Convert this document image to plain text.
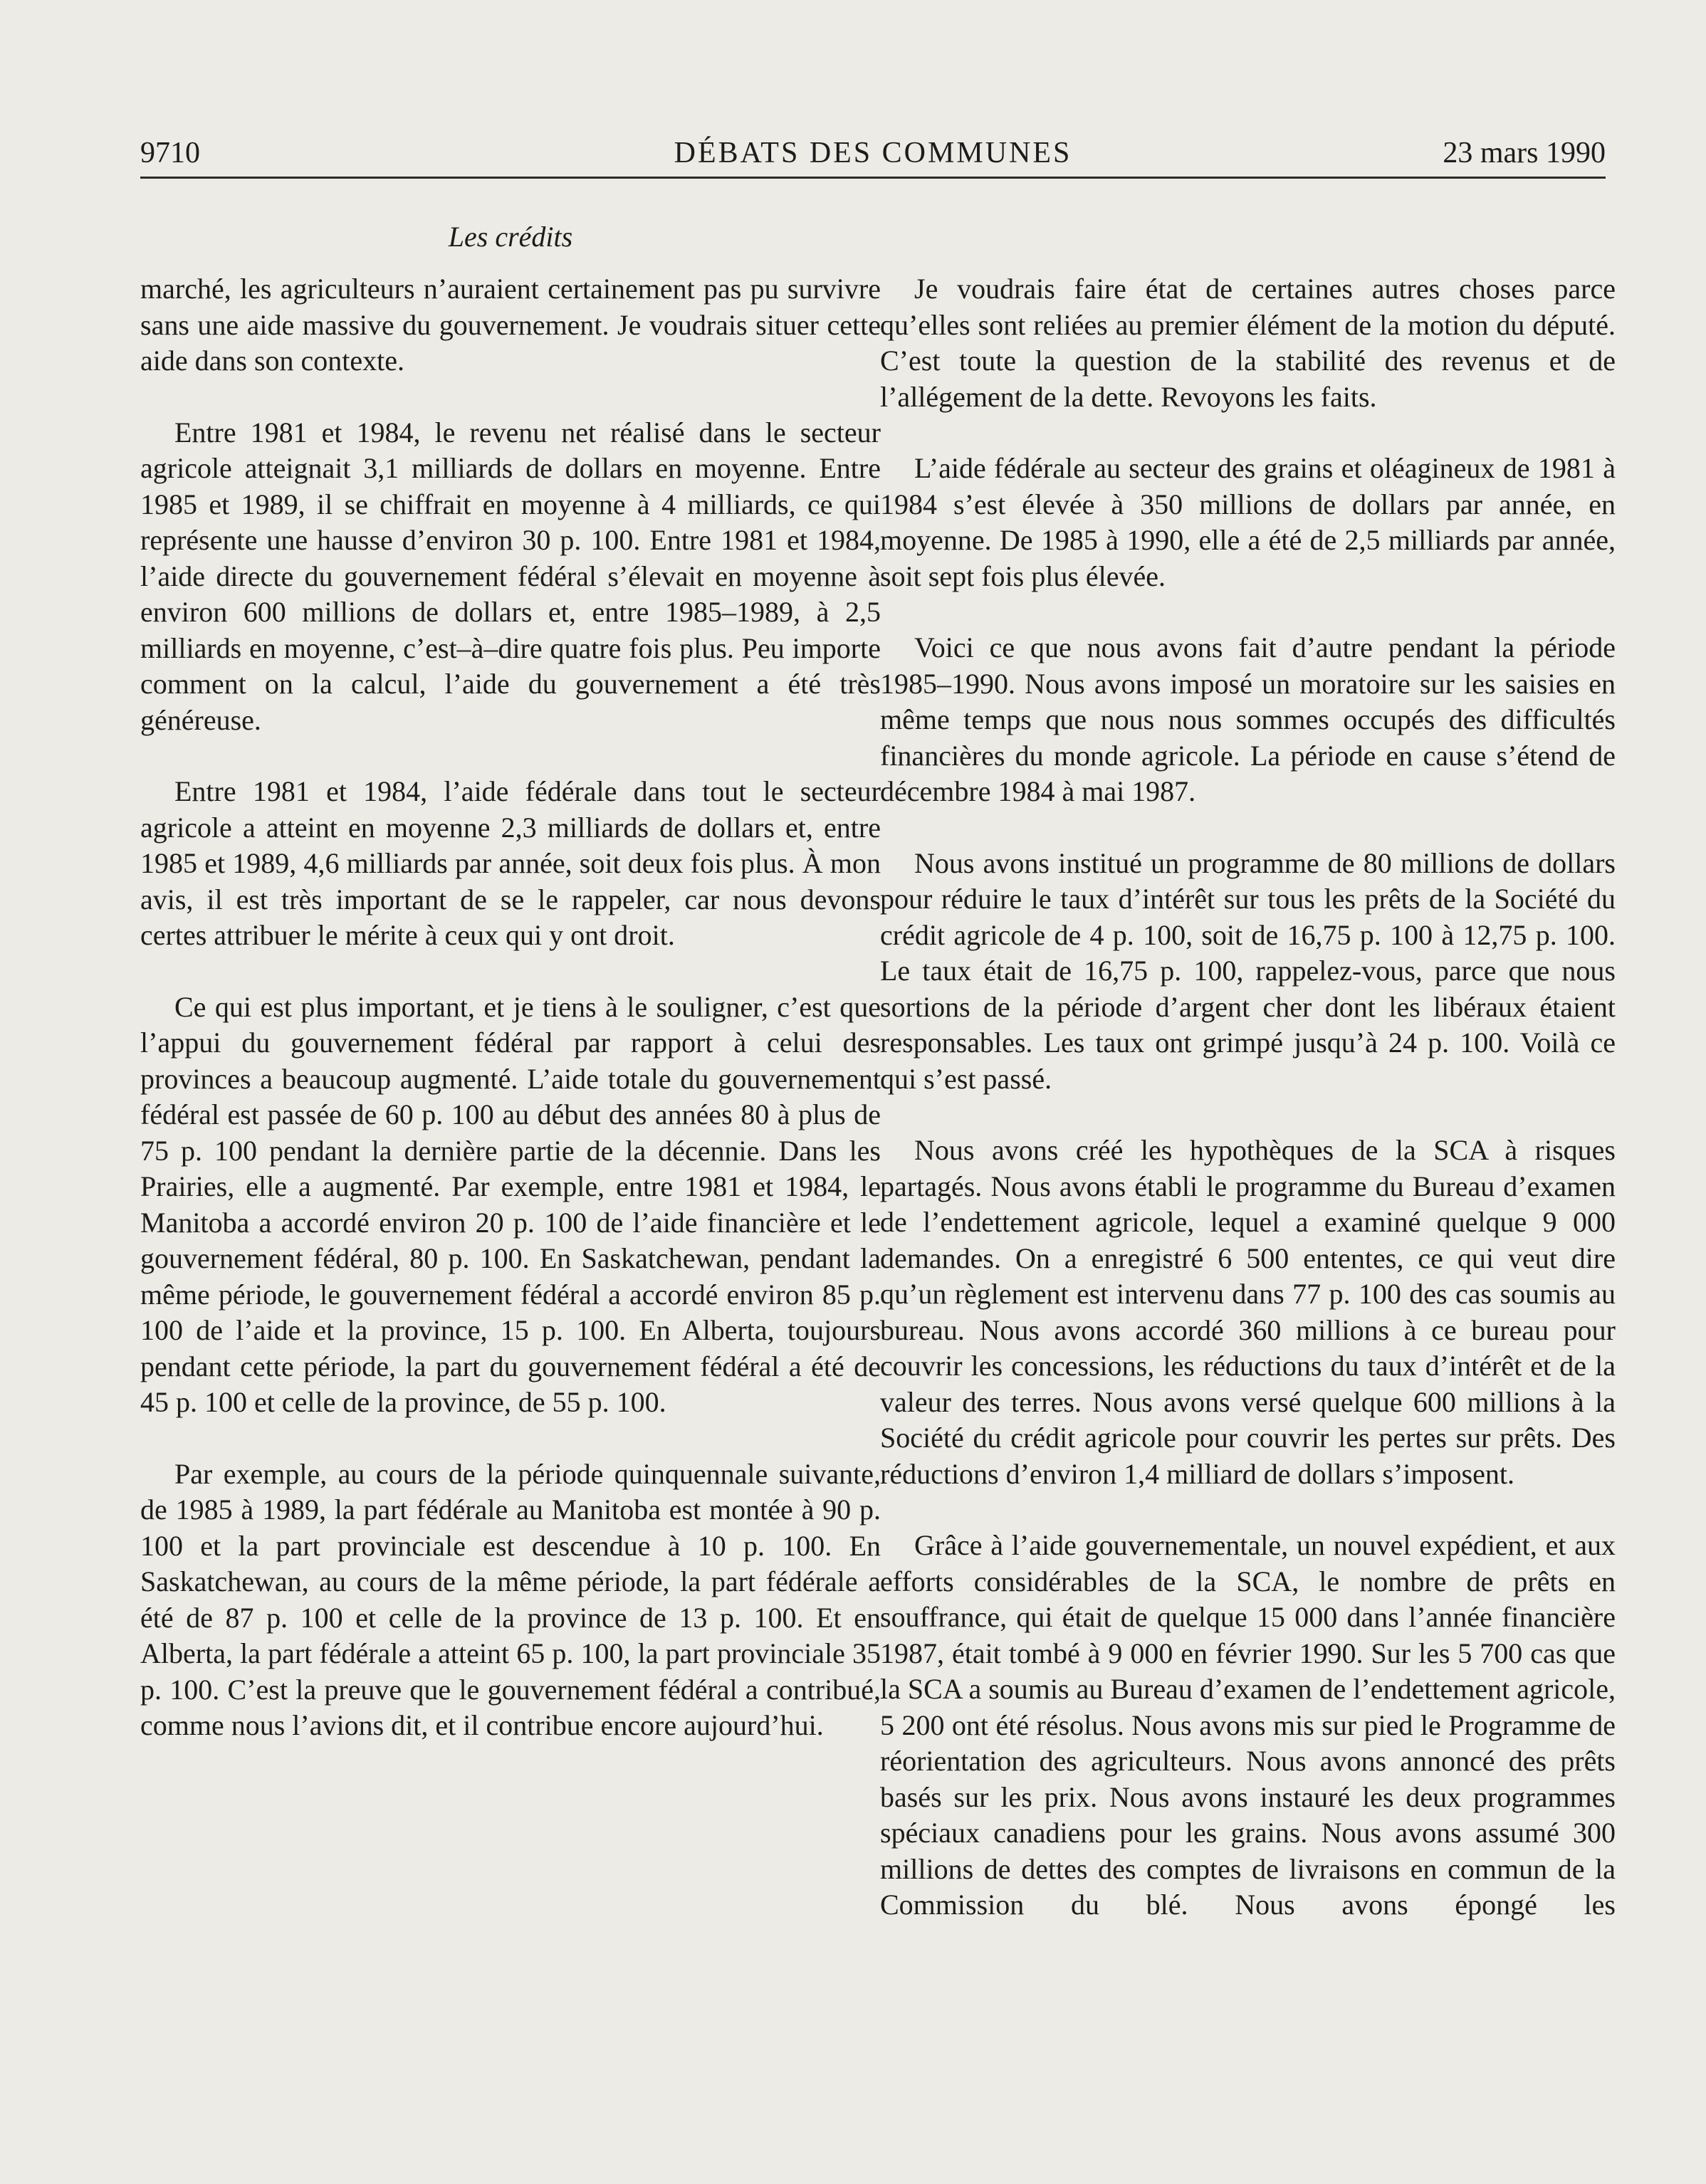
9710	DÉBATS DES COMMUNES	23 mars 1990
Les crédits

marché, les agriculteurs n’auraient certainement pas pu survivre sans une aide massive du gouvernement. Je voudrais situer cette aide dans son contexte.

Entre 1981 et 1984, le revenu net réalisé dans le secteur agricole atteignait 3,1 milliards de dollars en moyenne. Entre 1985 et 1989, il se chiffrait en moyenne à 4 milliards, ce qui représente une hausse d’environ 30 p. 100. Entre 1981 et 1984, l’aide directe du gouvernement fédéral s’élevait en moyenne à environ 600 millions de dollars et, entre 1985–1989, à 2,5 milliards en moyenne, c’est–à–dire quatre fois plus. Peu importe comment on la calcul, l’aide du gouvernement a été très généreuse.

Entre 1981 et 1984, l’aide fédérale dans tout le secteur agricole a atteint en moyenne 2,3 milliards de dollars et, entre 1985 et 1989, 4,6 milliards par année, soit deux fois plus. À mon avis, il est très important de se le rappeler, car nous devons certes attribuer le mérite à ceux qui y ont droit.

Ce qui est plus important, et je tiens à le souligner, c’est que l’appui du gouvernement fédéral par rapport à celui des provinces a beaucoup augmenté. L’aide totale du gouvernement fédéral est passée de 60 p. 100 au début des années 80 à plus de 75 p. 100 pendant la dernière partie de la décennie. Dans les Prairies, elle a augmenté. Par exemple, entre 1981 et 1984, le Manitoba a accordé environ 20 p. 100 de l’aide financière et le gouvernement fédéral, 80 p. 100. En Saskatchewan, pendant la même période, le gouvernement fédéral a accordé environ 85 p. 100 de l’aide et la province, 15 p. 100. En Alberta, toujours pendant cette période, la part du gouvernement fédéral a été de 45 p. 100 et celle de la province, de 55 p. 100.

Par exemple, au cours de la période quinquennale suivante, de 1985 à 1989, la part fédérale au Manitoba est montée à 90 p. 100 et la part provinciale est descendue à 10 p. 100. En Saskatchewan, au cours de la même période, la part fédérale a été de 87 p. 100 et celle de la province de 13 p. 100. Et en Alberta, la part fédérale a atteint 65 p. 100, la part provinciale 35 p. 100. C’est la preuve que le gouvernement fédéral a contribué, comme nous l’avions dit, et il contribue encore aujourd’hui.

Je voudrais faire état de certaines autres choses parce qu’elles sont reliées au premier élément de la motion du député. C’est toute la question de la stabilité des revenus et de l’allégement de la dette. Revoyons les faits.

L’aide fédérale au secteur des grains et oléagineux de 1981 à 1984 s’est élevée à 350 millions de dollars par année, en moyenne. De 1985 à 1990, elle a été de 2,5 milliards par année, soit sept fois plus élevée.

Voici ce que nous avons fait d’autre pendant la période 1985–1990. Nous avons imposé un moratoire sur les saisies en même temps que nous nous sommes occupés des difficultés financières du monde agricole. La période en cause s’étend de décembre 1984 à mai 1987.

Nous avons institué un programme de 80 millions de dollars pour réduire le taux d’intérêt sur tous les prêts de la Société du crédit agricole de 4 p. 100, soit de 16,75 p. 100 à 12,75 p. 100. Le taux était de 16,75 p. 100, rappelez-vous, parce que nous sortions de la période d’argent cher dont les libéraux étaient responsables. Les taux ont grimpé jusqu’à 24 p. 100. Voilà ce qui s’est passé.

Nous avons créé les hypothèques de la SCA à risques partagés. Nous avons établi le programme du Bureau d’examen de l’endettement agricole, lequel a examiné quelque 9 000 demandes. On a enregistré 6 500 ententes, ce qui veut dire qu’un règlement est intervenu dans 77 p. 100 des cas soumis au bureau. Nous avons accordé 360 millions à ce bureau pour couvrir les concessions, les réductions du taux d’intérêt et de la valeur des terres. Nous avons versé quelque 600 millions à la Société du crédit agricole pour couvrir les pertes sur prêts. Des réductions d’environ 1,4 milliard de dollars s’imposent.

Grâce à l’aide gouvernementale, un nouvel expédient, et aux efforts considérables de la SCA, le nombre de prêts en souffrance, qui était de quelque 15 000 dans l’année financière 1987, était tombé à 9 000 en février 1990. Sur les 5 700 cas que la SCA a soumis au Bureau d’examen de l’endettement agricole, 5 200 ont été résolus. Nous avons mis sur pied le Programme de réorientation des agriculteurs. Nous avons annoncé des prêts basés sur les prix. Nous avons instauré les deux programmes spéciaux canadiens pour les grains. Nous avons assumé 300 millions de dettes des comptes de livraisons en commun de la Commission du blé. Nous avons épongé les
